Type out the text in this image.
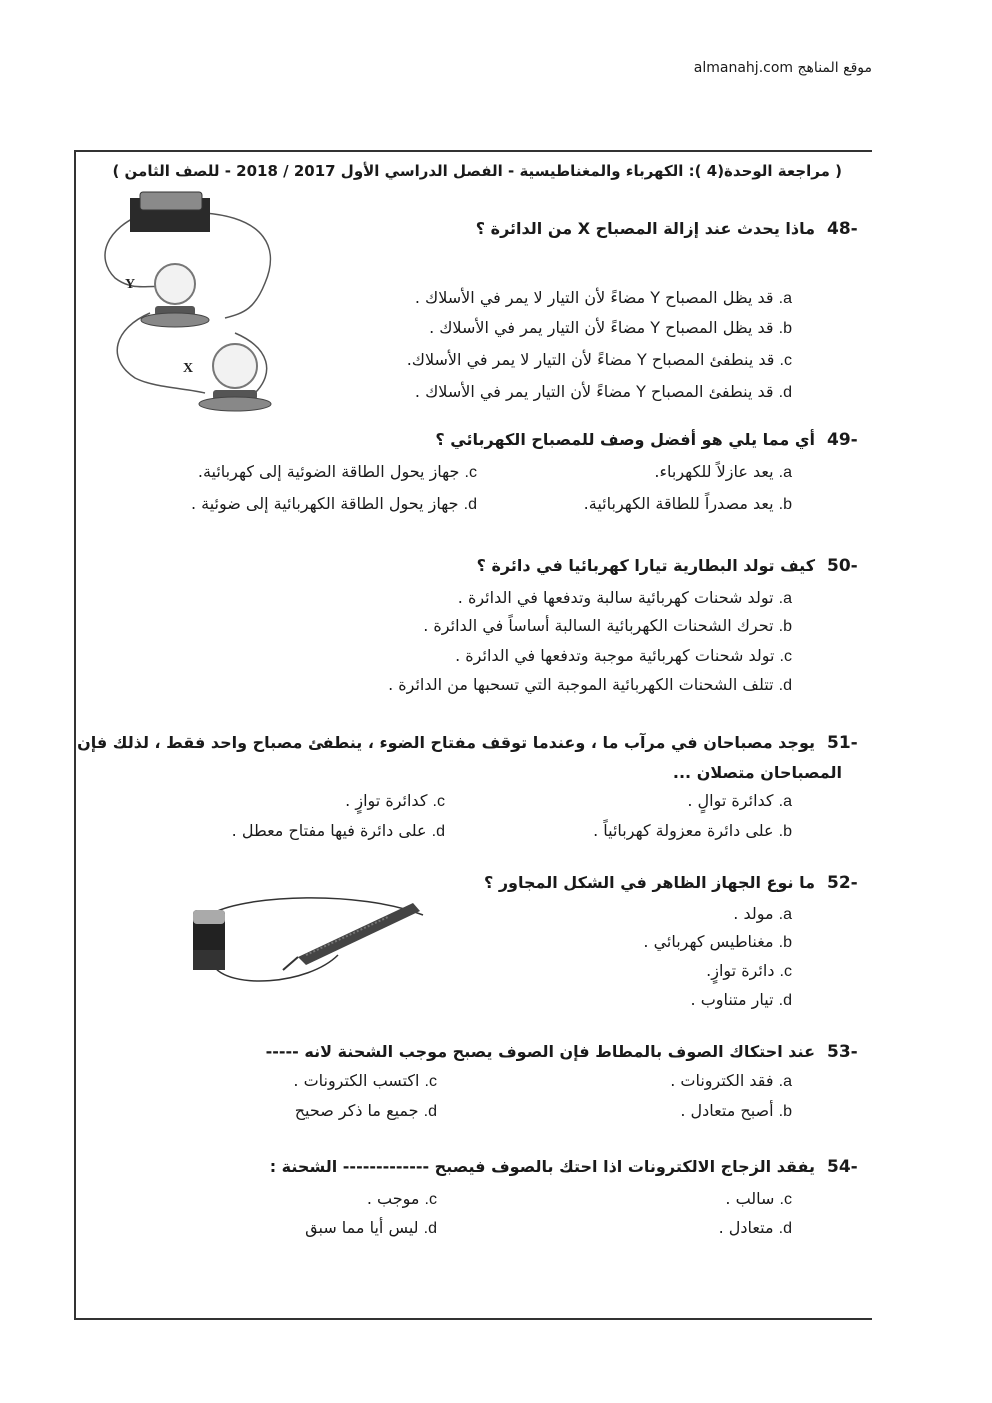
موقع المناهج almanahj.com
( مراجعة الوحدة(4 ): الكهرباء والمغناطيسية - الفصل الدراسي الأول 2017 / 2018 - للصف الثامن )
Y
X
48-
ماذا يحدث عند إزالة المصباح X من الدائرة ؟
a. قد يظل المصباح Y مضاءً لأن التيار لا يمر في الأسلاك .
b. قد يظل المصباح Y مضاءً لأن التيار يمر في الأسلاك .
c. قد ينطفئ المصباح Y مضاءً لأن التيار لا يمر في الأسلاك.
d. قد ينطفئ المصباح Y مضاءً لأن التيار يمر في الأسلاك .
49-
أي مما يلي هو أفضل وصف للمصباح الكهربائي ؟
a. يعد عازلاً للكهرباء.
b. يعد مصدراً للطاقة الكهربائية.
c. جهاز يحول الطاقة الضوئية إلى كهربائية.
d. جهاز يحول الطاقة الكهربائية إلى ضوئية .
50-
كيف تولد البطارية تيارا كهربائيا في دائرة ؟
a. تولد شحنات كهربائية سالبة وتدفعها في الدائرة .
b. تحرك الشحنات الكهربائية السالبة أساساً في الدائرة .
c. تولد شحنات كهربائية موجبة وتدفعها في الدائرة .
d. تتلف الشحنات الكهربائية الموجبة التي تسحبها من الدائرة .
51-
يوجد مصباحان في مرآب ما ، وعندما توقف مفتاح الضوء ، ينطفئ مصباح واحد فقط ، لذلك فإن
المصباحان متصلان ...
a. كدائرة توالٍ .
b. على دائرة معزولة كهربائياً .
c. كدائرة توازٍ .
d. على دائرة فيها مفتاح معطل .
52-
ما نوع الجهاز الظاهر في الشكل المجاور ؟
a. مولد .
b. مغناطيس كهربائي .
c. دائرة توازٍ.
d. تيار متناوب .
53-
عند احتكاك الصوف بالمطاط فإن الصوف يصبح موجب الشحنة لانه -----
a. فقد الكترونات .
b. أصبح متعادل .
c. اكتسب الكترونات .
d. جميع ما ذكر صحيح
54-
يفقد الزجاج الالكترونات اذا احتك بالصوف فيصبح ------------- الشحنة :
c. سالب .
d. متعادل .
c. موجب .
d. ليس أيا مما سبق
